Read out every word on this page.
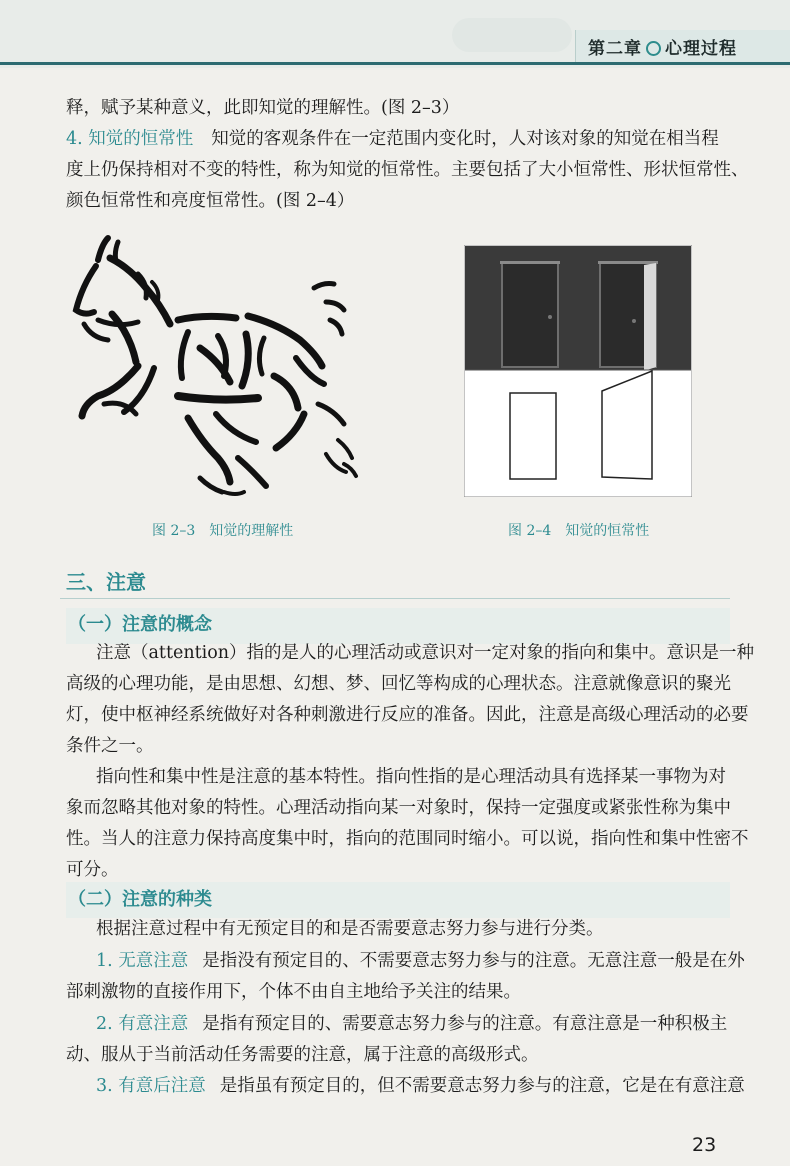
第二章 心理过程
释，赋予某种意义，此即知觉的理解性。(图 2–3）
4. 知觉的恒常性 知觉的客观条件在一定范围内变化时，人对该对象的知觉在相当程
度上仍保持相对不变的特性，称为知觉的恒常性。主要包括了大小恒常性、形状恒常性、
颜色恒常性和亮度恒常性。(图 2–4）
图 2–3　知觉的理解性	图 2–4　知觉的恒常性
三、注意
（一）注意的概念
注意（attention）指的是人的心理活动或意识对一定对象的指向和集中。意识是一种
高级的心理功能，是由思想、幻想、梦、回忆等构成的心理状态。注意就像意识的聚光
灯，使中枢神经系统做好对各种刺激进行反应的准备。因此，注意是高级心理活动的必要
条件之一。
指向性和集中性是注意的基本特性。指向性指的是心理活动具有选择某一事物为对
象而忽略其他对象的特性。心理活动指向某一对象时，保持一定强度或紧张性称为集中
性。当人的注意力保持高度集中时，指向的范围同时缩小。可以说，指向性和集中性密不
可分。
（二）注意的种类
根据注意过程中有无预定目的和是否需要意志努力参与进行分类。
1. 无意注意 是指没有预定目的、不需要意志努力参与的注意。无意注意一般是在外
部刺激物的直接作用下，个体不由自主地给予关注的结果。
2. 有意注意 是指有预定目的、需要意志努力参与的注意。有意注意是一种积极主
动、服从于当前活动任务需要的注意，属于注意的高级形式。
3. 有意后注意 是指虽有预定目的，但不需要意志努力参与的注意，它是在有意注意
23
